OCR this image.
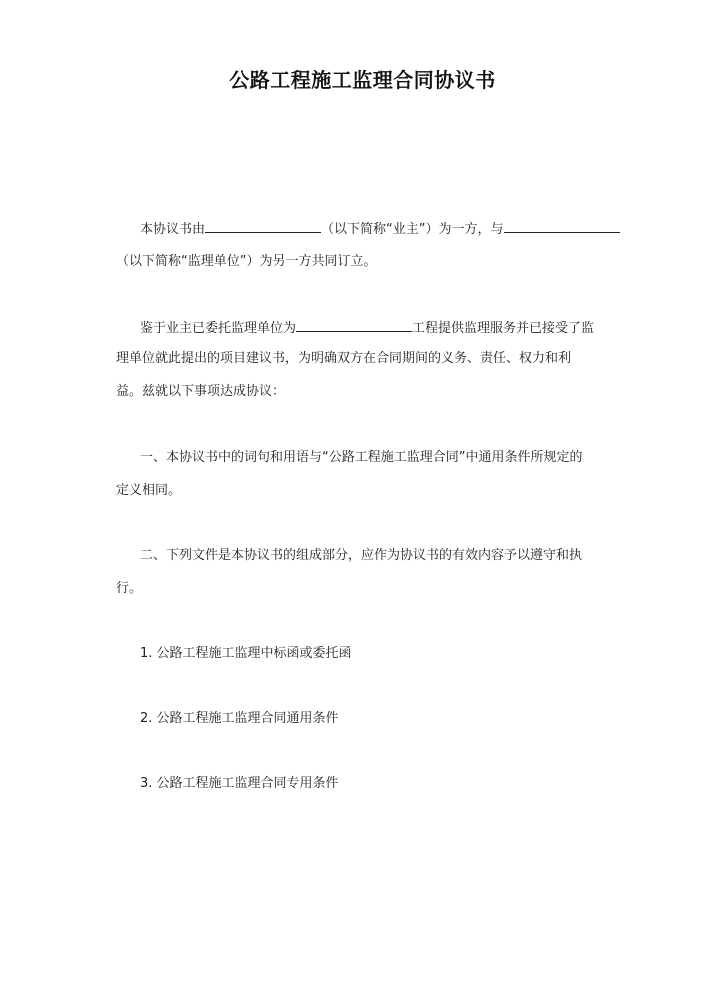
公路工程施工监理合同协议书
本协议书由	（以下简称“业主”）为一方，与
（以下简称“监理单位”）为另一方共同订立。
鉴于业主已委托监理单位为	工程提供监理服务并已接受了监
理单位就此提出的项目建议书，为明确双方在合同期间的义务、责任、权力和利
益。兹就以下事项达成协议：
一、本协议书中的词句和用语与“公路工程施工监理合同”中通用条件所规定的
定义相同。
二、下列文件是本协议书的组成部分，应作为协议书的有效内容予以遵守和执
行。
1. 公路工程施工监理中标函或委托函
2. 公路工程施工监理合同通用条件
3. 公路工程施工监理合同专用条件
